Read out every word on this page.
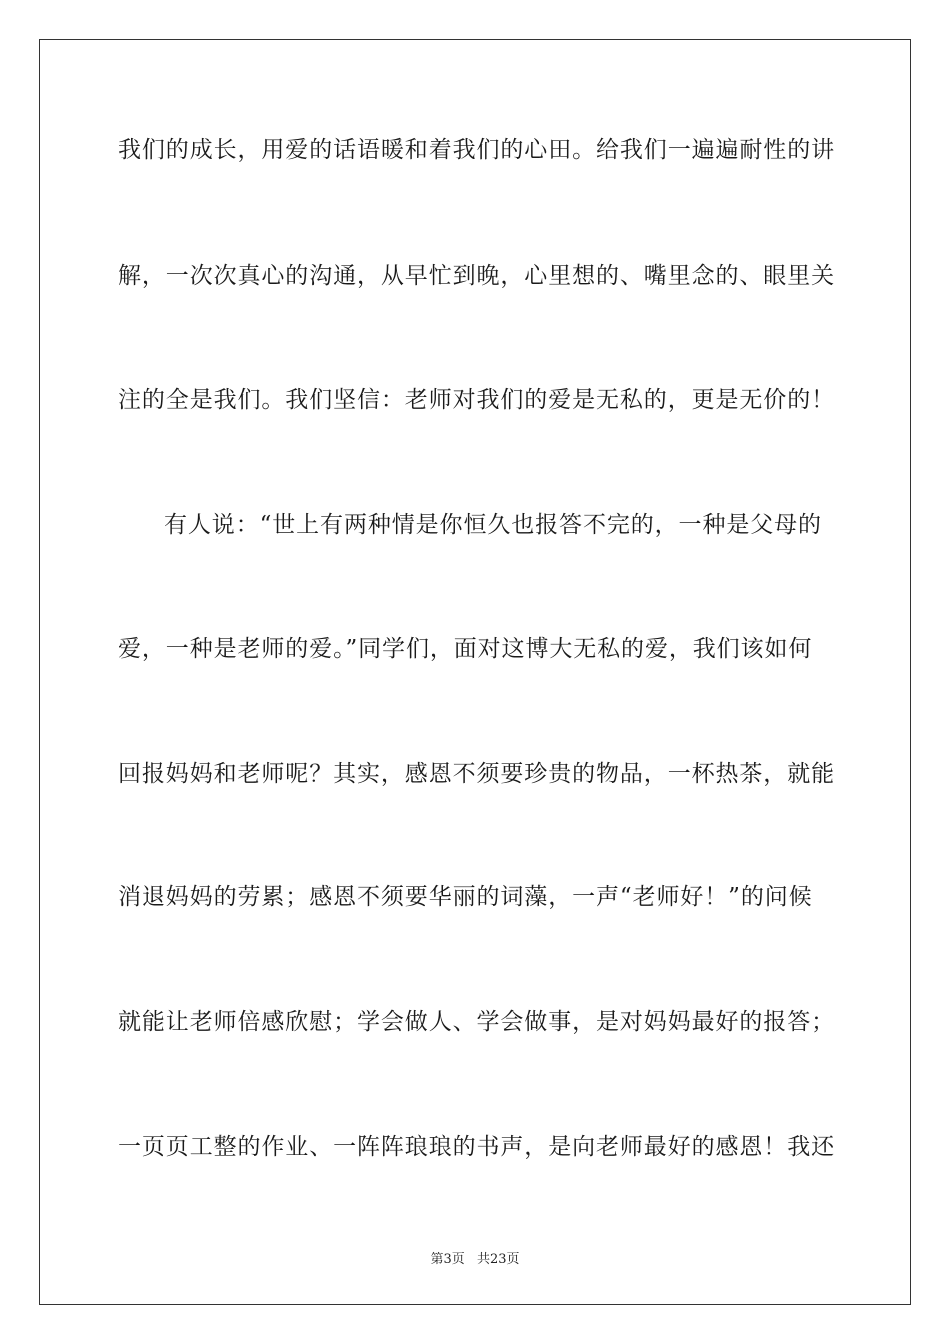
我们的成长，用爱的话语暖和着我们的心田。给我们一遍遍耐性的讲
解，一次次真心的沟通，从早忙到晚，心里想的、嘴里念的、眼里关
注的全是我们。我们坚信：老师对我们的爱是无私的，更是无价的！
有人说：“世上有两种情是你恒久也报答不完的，一种是父母的
爱，一种是老师的爱。”同学们，面对这博大无私的爱，我们该如何
回报妈妈和老师呢？其实，感恩不须要珍贵的物品，一杯热茶，就能
消退妈妈的劳累；感恩不须要华丽的词藻，一声“老师好！”的问候
就能让老师倍感欣慰；学会做人、学会做事，是对妈妈最好的报答；
一页页工整的作业、一阵阵琅琅的书声，是向老师最好的感恩！我还
第3页 共23页
